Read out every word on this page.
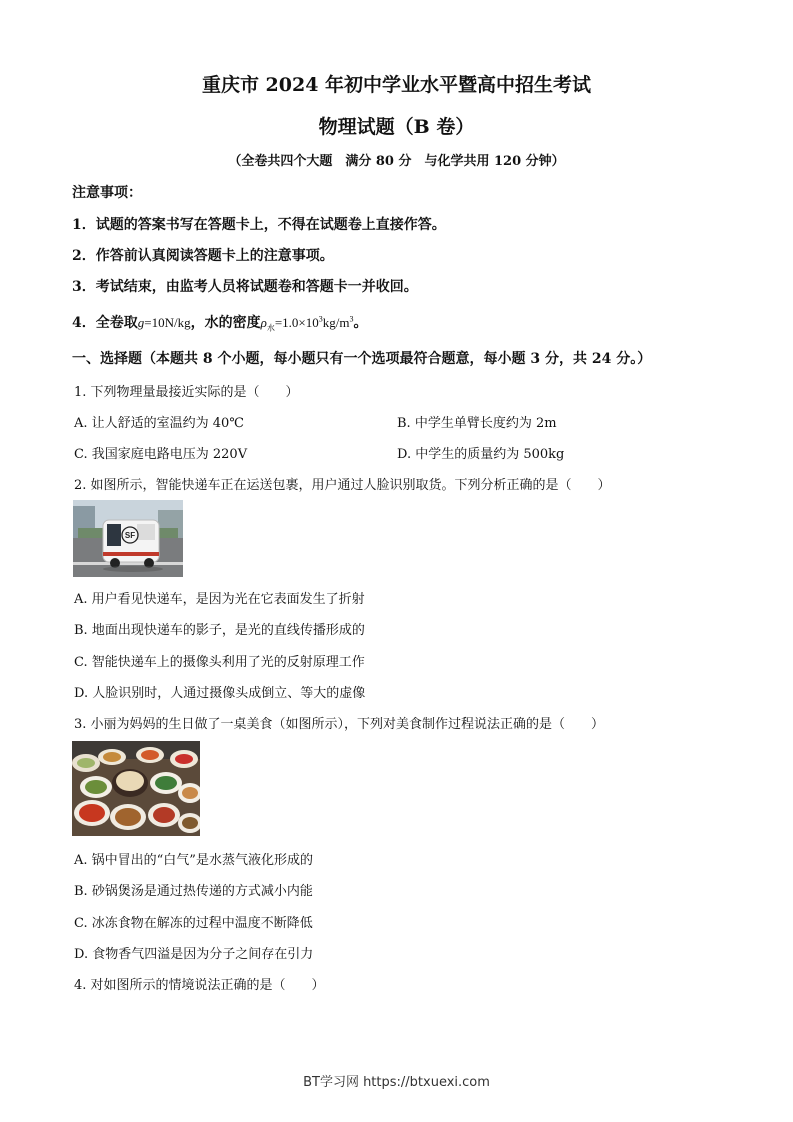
重庆市 2024 年初中学业水平暨高中招生考试
物理试题（B 卷）
（全卷共四个大题　满分 80 分　与化学共用 120 分钟）
注意事项：
1．试题的答案书写在答题卡上，不得在试题卷上直接作答。
2．作答前认真阅读答题卡上的注意事项。
3．考试结束，由监考人员将试题卷和答题卡一并收回。
4．全卷取g=10N/kg，水的密度$\rho_水=1.0\times 10^3kg/m^3$。
一、选择题（本题共 8 个小题，每小题只有一个选项最符合题意，每小题 3 分，共 24 分。）
1. 下列物理量最接近实际的是（　　）
A. 让人舒适的室温约为 40℃	B. 中学生单臂长度约为 2m
C. 我国家庭电路电压为 220V	D. 中学生的质量约为 500kg
2. 如图所示，智能快递车正在运送包裹，用户通过人脸识别取货。下列分析正确的是（　　）
SF
A. 用户看见快递车，是因为光在它表面发生了折射
B. 地面出现快递车的影子，是光的直线传播形成的
C. 智能快递车上的摄像头利用了光的反射原理工作
D. 人脸识别时，人通过摄像头成倒立、等大的虚像
3. 小丽为妈妈的生日做了一桌美食（如图所示），下列对美食制作过程说法正确的是（　　）
A. 锅中冒出的“白气”是水蒸气液化形成的
B. 砂锅煲汤是通过热传递的方式减小内能
C. 冰冻食物在解冻的过程中温度不断降低
D. 食物香气四溢是因为分子之间存在引力
4. 对如图所示的情境说法正确的是（　　）
BT学习网 https://btxuexi.com
